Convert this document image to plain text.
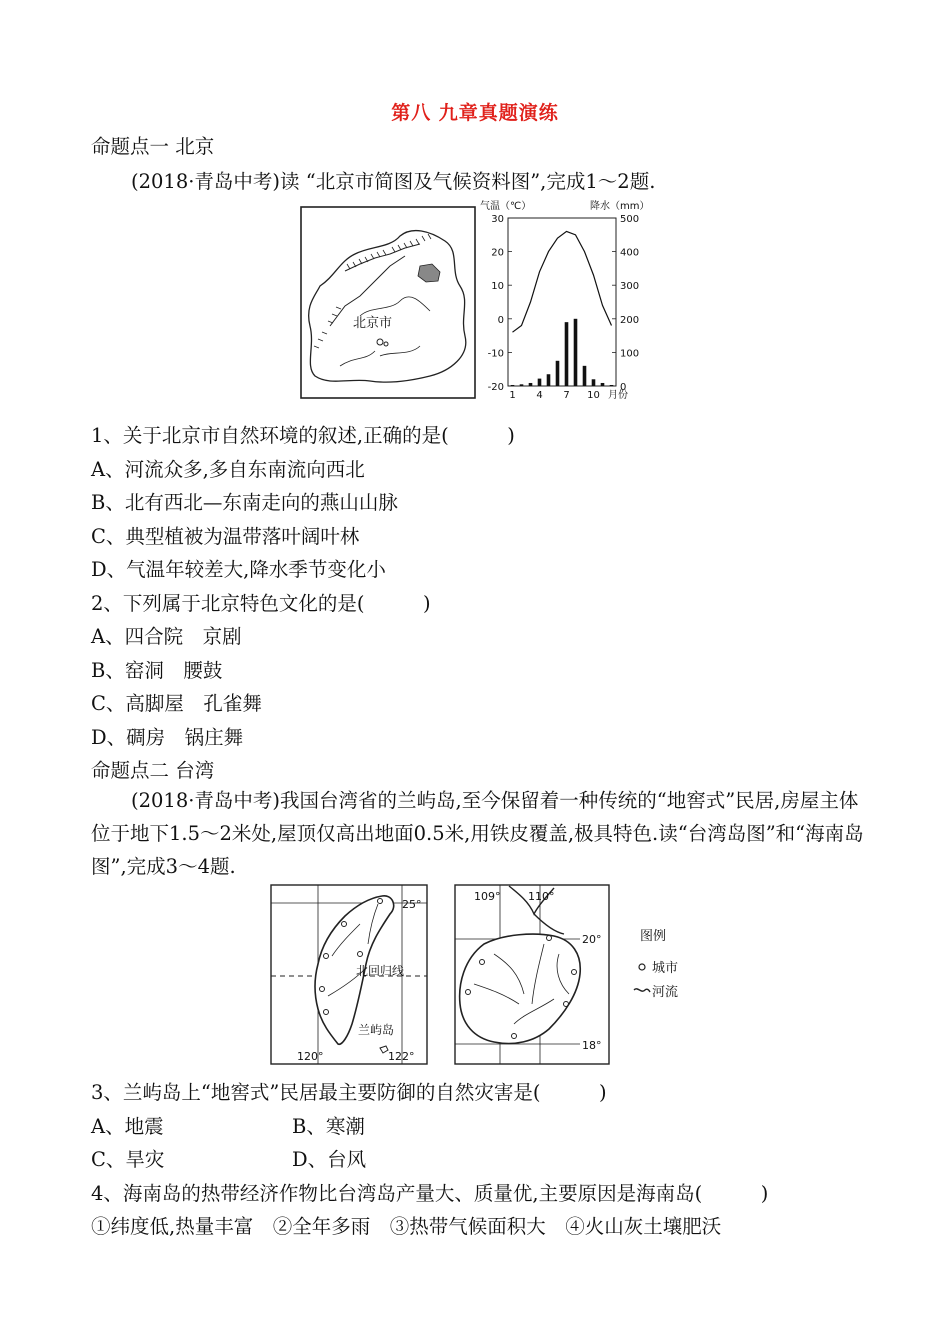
第八 九章真题演练
命题点一 北京
(2018·青岛中考)读 “北京市简图及气候资料图”,完成1～2题.
北京市
气温（℃）	降水（mm）
30
20
10
0
-10
-20
500
400
300
200
100
0
1 4 7 10 月份
1、关于北京市自然环境的叙述,正确的是(　　　)
A、河流众多,多自东南流向西北
B、北有西北—东南走向的燕山山脉
C、典型植被为温带落叶阔叶林
D、气温年较差大,降水季节变化小
2、下列属于北京特色文化的是(　　　)
A、四合院　京剧
B、窑洞　腰鼓
C、高脚屋　孔雀舞
D、碉房　锅庄舞
命题点二 台湾
(2018·青岛中考)我国台湾省的兰屿岛,至今保留着一种传统的“地窖式”民居,房屋主体位于地下1.5～2米处,屋顶仅高出地面0.5米,用铁皮覆盖,极具特色.读“台湾岛图”和“海南岛图”,完成3～4题.
25°
北回归线
兰屿岛
120°	122°
109°	110°
20°
18°
图例
城市
河流
3、兰屿岛上“地窖式”民居最主要防御的自然灾害是(　　　)
A、地震	B、寒潮
C、旱灾	D、台风
4、海南岛的热带经济作物比台湾岛产量大、质量优,主要原因是海南岛(　　　)
①纬度低,热量丰富　②全年多雨　③热带气候面积大　④火山灰土壤肥沃
